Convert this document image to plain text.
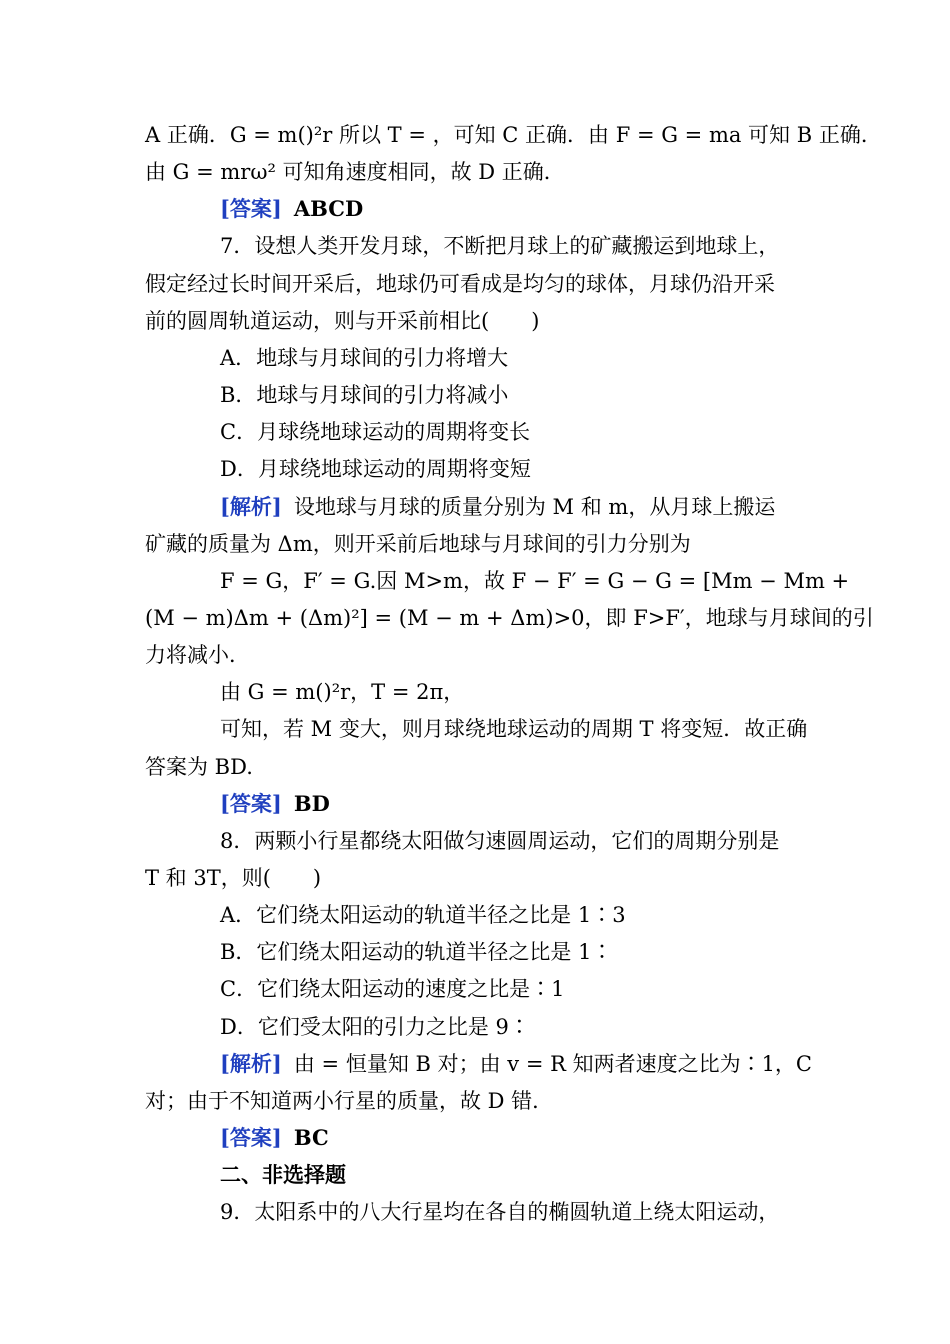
A 正确．G = m()²r 所以 T = ，可知 C 正确．由 F = G = ma 可知 B 正确．
由 G = mrω² 可知角速度相同，故 D 正确．
[答案] ABCD
7．设想人类开发月球，不断把月球上的矿藏搬运到地球上，
假定经过长时间开采后，地球仍可看成是均匀的球体，月球仍沿开采
前的圆周轨道运动，则与开采前相比(　　)
A．地球与月球间的引力将增大
B．地球与月球间的引力将减小
C．月球绕地球运动的周期将变长
D．月球绕地球运动的周期将变短
[解析] 设地球与月球的质量分别为 M 和 m，从月球上搬运
矿藏的质量为 Δm，则开采前后地球与月球间的引力分别为
F = G，F′ = G.因 M>m，故 F − F′ = G − G = [Mm − Mm +
(M − m)Δm + (Δm)²] = (M − m + Δm)>0，即 F>F′，地球与月球间的引
力将减小．
由 G = m()²r，T = 2π，
可知，若 M 变大，则月球绕地球运动的周期 T 将变短．故正确
答案为 BD.
[答案] BD
8．两颗小行星都绕太阳做匀速圆周运动，它们的周期分别是
T 和 3T，则(　　)
A．它们绕太阳运动的轨道半径之比是 1∶3
B．它们绕太阳运动的轨道半径之比是 1∶
C．它们绕太阳运动的速度之比是∶1
D．它们受太阳的引力之比是 9∶
[解析] 由 = 恒量知 B 对；由 v = R 知两者速度之比为∶1，C
对；由于不知道两小行星的质量，故 D 错．
[答案] BC
二、非选择题
9．太阳系中的八大行星均在各自的椭圆轨道上绕太阳运动，
